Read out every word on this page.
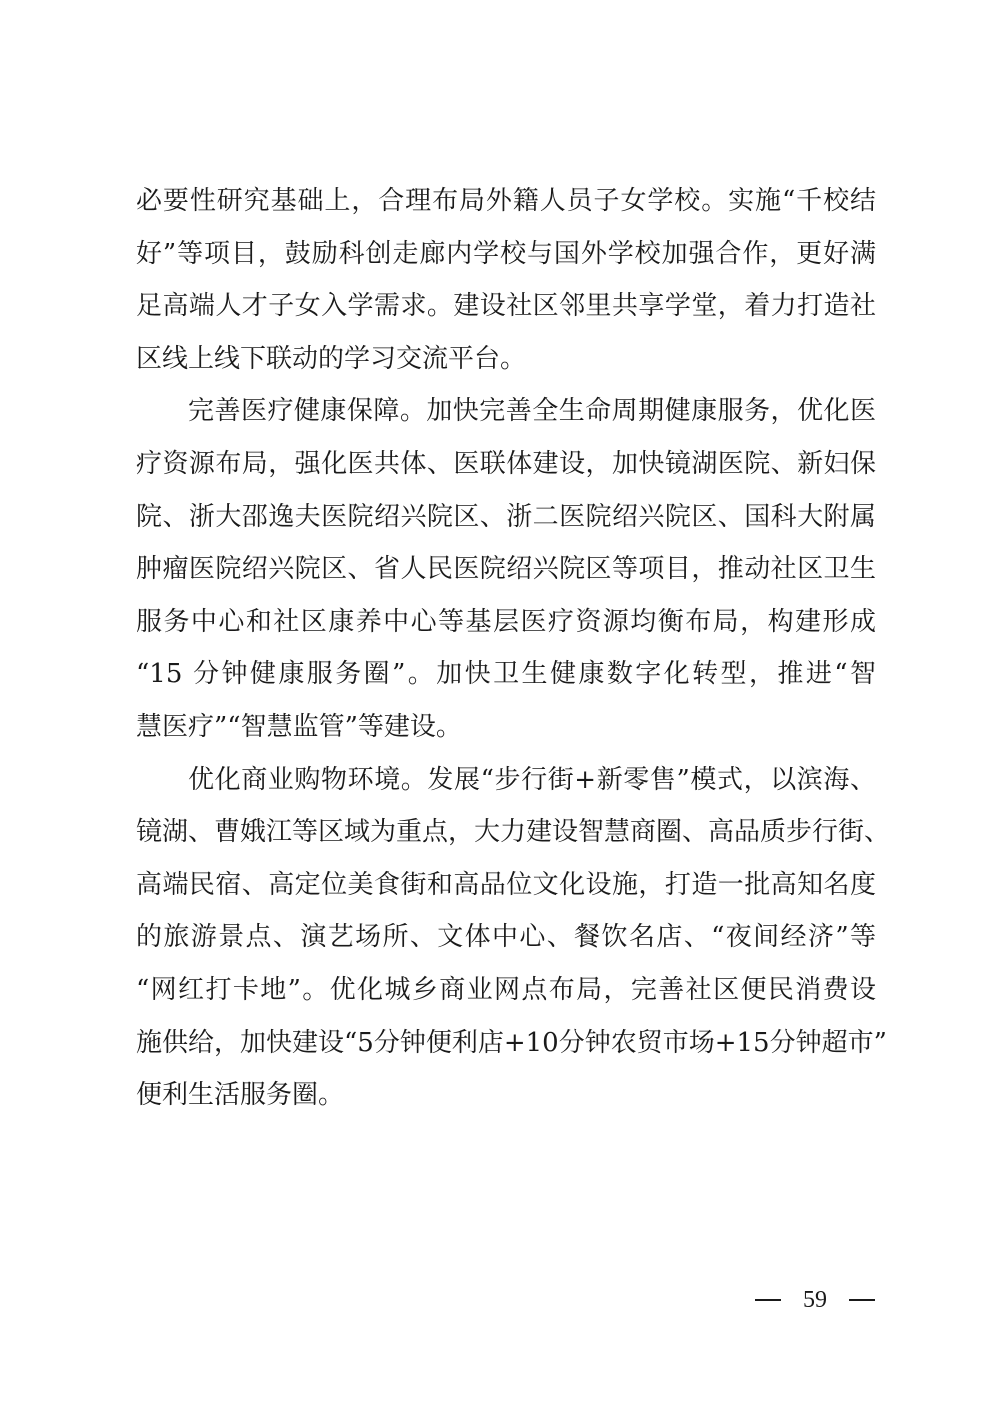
必要性研究基础上，合理布局外籍人员子女学校。实施“千校结
好”等项目，鼓励科创走廊内学校与国外学校加强合作，更好满
足高端人才子女入学需求。建设社区邻里共享学堂，着力打造社
区线上线下联动的学习交流平台。
完善医疗健康保障。加快完善全生命周期健康服务，优化医
疗资源布局，强化医共体、医联体建设，加快镜湖医院、新妇保
院、浙大邵逸夫医院绍兴院区、浙二医院绍兴院区、国科大附属
肿瘤医院绍兴院区、省人民医院绍兴院区等项目，推动社区卫生
服务中心和社区康养中心等基层医疗资源均衡布局，构建形成
“15 分钟健康服务圈”。加快卫生健康数字化转型，推进“智
慧医疗”“智慧监管”等建设。
优化商业购物环境。发展“步行街+新零售”模式，以滨海、
镜湖、曹娥江等区域为重点，大力建设智慧商圈、高品质步行街、
高端民宿、高定位美食街和高品位文化设施，打造一批高知名度
的旅游景点、演艺场所、文体中心、餐饮名店、“夜间经济”等
“网红打卡地”。优化城乡商业网点布局，完善社区便民消费设
施供给，加快建设“5分钟便利店+10分钟农贸市场+15分钟超市”
便利生活服务圈。
59
